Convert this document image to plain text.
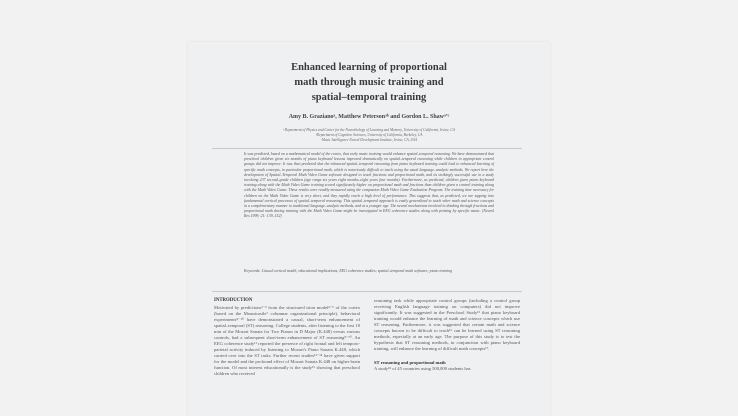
Enhanced learning of proportional
math through music training and
spatial–temporal training
Amy B. Grazianoᵃ, Matthew Petersonᵃᵇ and Gordon L. Shawᵃʼᶜ
ᵃDepartment of Physics and Center for the Neurobiology of Learning and Memory, University of California, Irvine, CA
ᵇDepartment of Cognitive Sciences, University of California, Berkeley, CA
ᶜMusic Intelligence Neural Development Institute, Irvine, CA, USA
It was predicted, based on a mathematical model of the cortex, that early music training would enhance spatial–temporal reasoning. We have demonstrated that preschool children given six months of piano keyboard lessons improved dramatically on spatial–temporal reasoning while children in appropriate control groups did not improve. It was then predicted that the enhanced spatial–temporal reasoning from piano keyboard training could lead to enhanced learning of specific math concepts, in particular proportional math, which is notoriously difficult to teach using the usual language–analytic methods. We report here the development of Spatial–Temporal Math Video Game software designed to teach fractions and proportional math, and its strikingly successful use in a study involving 237 second–grade children (age range six years eight months–eight years four months). Furthermore, as predicted, children given piano keyboard training along with the Math Video Game training scored significantly higher on proportional math and fractions than children given a control training along with the Math Video Game. These results were readily measured using the companion Math Video Game Evaluation Program. The training time necessary for children on the Math Video Game is very short, and they rapidly reach a high level of performance. This suggests that, as predicted, we are tapping into fundamental cortical processes of spatial–temporal reasoning. This spatial–temporal approach is easily generalized to teach other math and science concepts in a complementary manner to traditional language–analytic methods, and at a younger age. The neural mechanisms involved in thinking through fractions and proportional math during training with the Math Video Game might be investigated in EEG coherence studies along with priming by specific music. (Neurol Res 1999; 21: 139–152)
Keywords: Causal cortical model; educational implications; EEG coherence studies; spatial–temporal math software; piano training
INTRODUCTION
Motivated by predictions¹⁻³ from the structured trion model⁴⁻⁶ of the cortex (based on the Mountcastle⁷ columnar organizational principle), behavioral experiments⁸⁻¹⁰ have demonstrated a causal, short-term enhancement of spatial–temporal (ST) reasoning. College students, after listening to the first 10 min of the Mozart Sonata for Two Pianos in D Major (K.448) versus various controls, had a subsequent short-term enhancement of ST reasoning⁸⁻¹⁰. An EEG coherence study¹¹ reported the presence of right frontal and left temporo-parietal activity induced by listening to Mozart's Piano Sonata K.448, which carried over into the ST tasks. Further recent studies¹²⁻¹⁴ have given support for the model and the profound effect of Mozart Sonata K.448 on higher brain function. Of most interest educationally is the study¹⁵ showing that preschool children who received
reasoning task while appropriate control groups (including a control group receiving English language training on computers) did not improve significantly. It was suggested in the Preschool Study¹⁵ that piano keyboard training would enhance the learning of math and science concepts which use ST reasoning. Furthermore, it was suggested that certain math and science concepts known to be difficult to teach¹⁶ can be learned using ST reasoning methods, especially at an early age. The purpose of this study is to test the hypothesis that ST reasoning methods, in conjunction with piano keyboard training, will enhance the learning of difficult math concepts¹⁷.
ST reasoning and proportional math
A study¹⁸ of 45 countries using 500,000 students has
